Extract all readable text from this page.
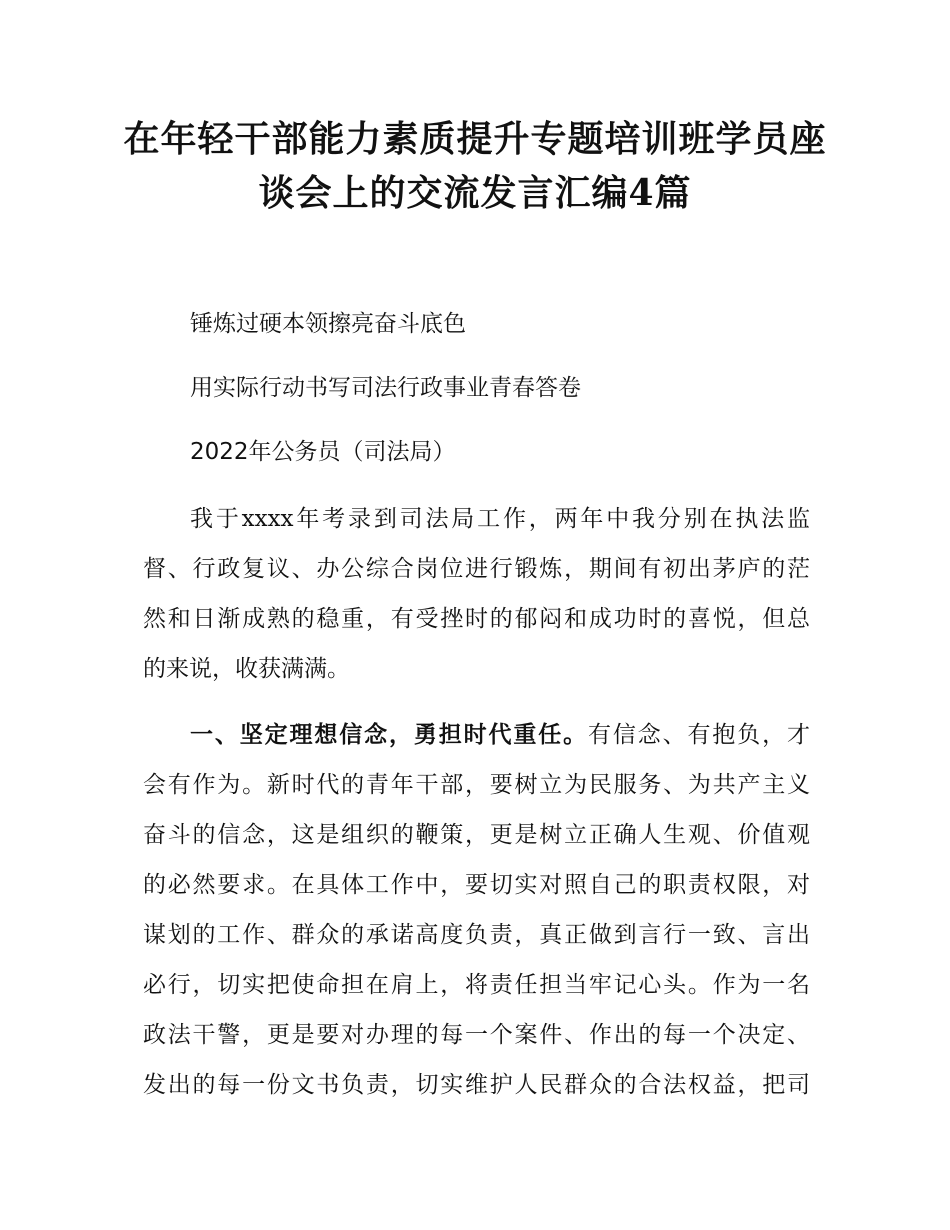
在年轻干部能力素质提升专题培训班学员座
谈会上的交流发言汇编4篇
锤炼过硬本领擦亮奋斗底色
用实际行动书写司法行政事业青春答卷
2022年公务员（司法局）
我于xxxx年考录到司法局工作，两年中我分别在执法监
督、行政复议、办公综合岗位进行锻炼，期间有初出茅庐的茫
然和日渐成熟的稳重，有受挫时的郁闷和成功时的喜悦，但总
的来说，收获满满。
一、坚定理想信念，勇担时代重任。有信念、有抱负，才
会有作为。新时代的青年干部，要树立为民服务、为共产主义
奋斗的信念，这是组织的鞭策，更是树立正确人生观、价值观
的必然要求。在具体工作中，要切实对照自己的职责权限，对
谋划的工作、群众的承诺高度负责，真正做到言行一致、言出
必行，切实把使命担在肩上，将责任担当牢记心头。作为一名
政法干警，更是要对办理的每一个案件、作出的每一个决定、
发出的每一份文书负责，切实维护人民群众的合法权益，把司
